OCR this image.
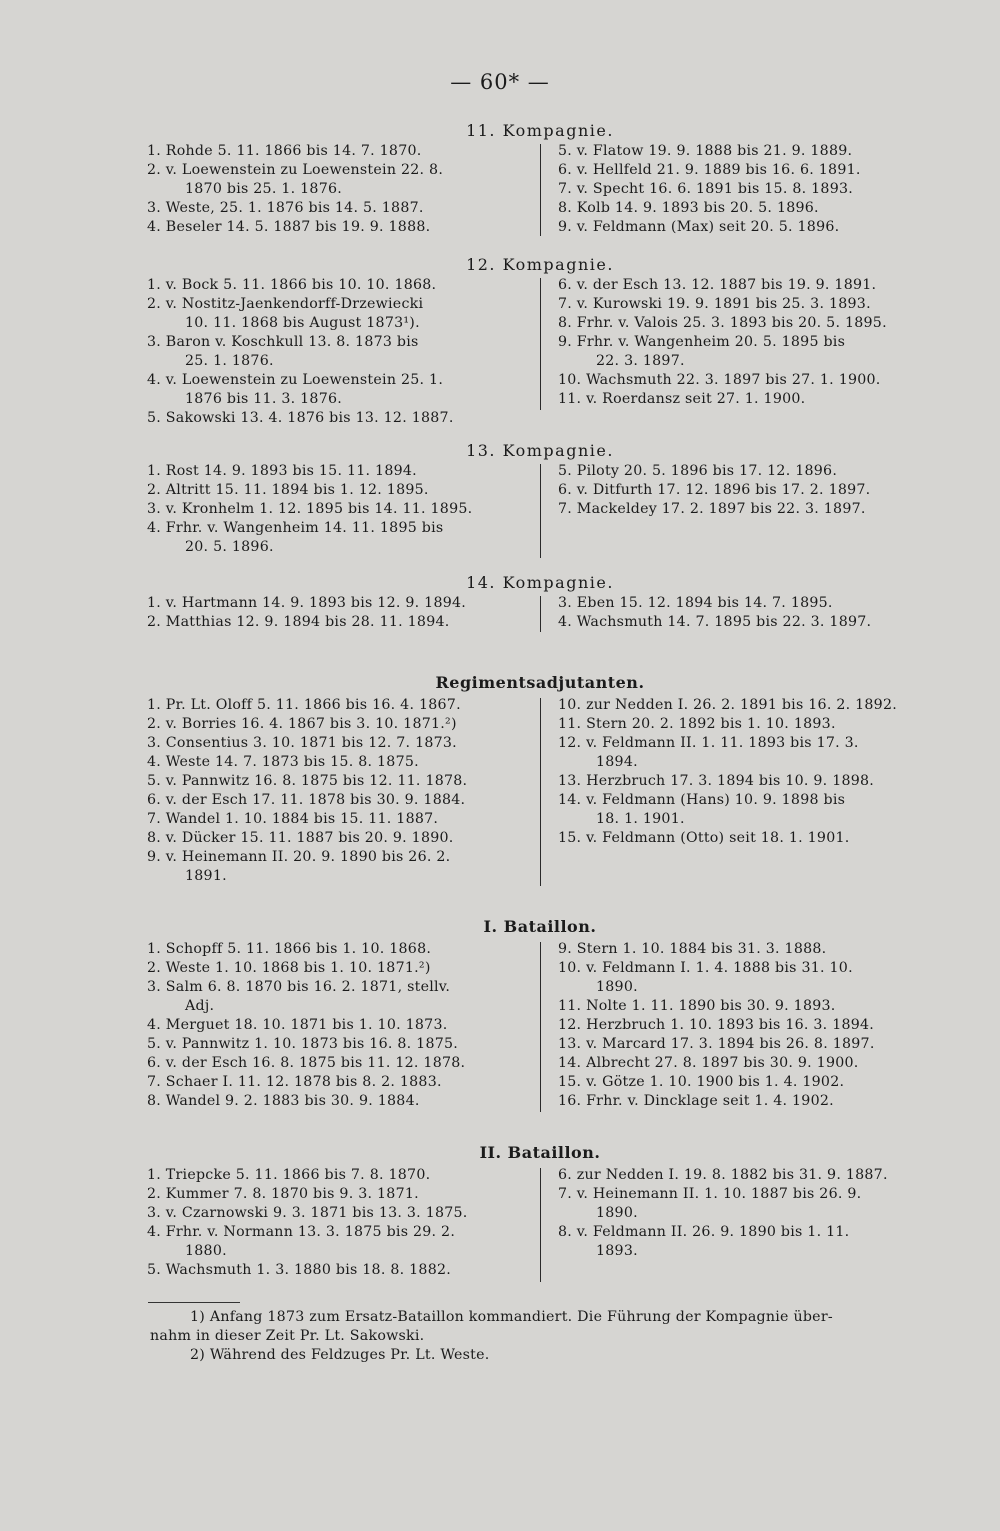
— 60* —
11. Kompagnie.
1. Rohde 5. 11. 1866 bis 14. 7. 1870.
2. v. Loewenstein zu Loewenstein 22. 8.
1870 bis 25. 1. 1876.
3. Weste, 25. 1. 1876 bis 14. 5. 1887.
4. Beseler 14. 5. 1887 bis 19. 9. 1888.
5. v. Flatow 19. 9. 1888 bis 21. 9. 1889.
6. v. Hellfeld 21. 9. 1889 bis 16. 6. 1891.
7. v. Specht 16. 6. 1891 bis 15. 8. 1893.
8. Kolb 14. 9. 1893 bis 20. 5. 1896.
9. v. Feldmann (Max) seit 20. 5. 1896.
12. Kompagnie.
1. v. Bock 5. 11. 1866 bis 10. 10. 1868.
2. v. Nostitz-Jaenkendorff-Drzewiecki
10. 11. 1868 bis August 1873¹).
3. Baron v. Koschkull 13. 8. 1873 bis
25. 1. 1876.
4. v. Loewenstein zu Loewenstein 25. 1.
1876 bis 11. 3. 1876.
5. Sakowski 13. 4. 1876 bis 13. 12. 1887.
6. v. der Esch 13. 12. 1887 bis 19. 9. 1891.
7. v. Kurowski 19. 9. 1891 bis 25. 3. 1893.
8. Frhr. v. Valois 25. 3. 1893 bis 20. 5. 1895.
9. Frhr. v. Wangenheim 20. 5. 1895 bis
22. 3. 1897.
10. Wachsmuth 22. 3. 1897 bis 27. 1. 1900.
11. v. Roerdansz seit 27. 1. 1900.
13. Kompagnie.
1. Rost 14. 9. 1893 bis 15. 11. 1894.
2. Altritt 15. 11. 1894 bis 1. 12. 1895.
3. v. Kronhelm 1. 12. 1895 bis 14. 11. 1895.
4. Frhr. v. Wangenheim 14. 11. 1895 bis
20. 5. 1896.
5. Piloty 20. 5. 1896 bis 17. 12. 1896.
6. v. Ditfurth 17. 12. 1896 bis 17. 2. 1897.
7. Mackeldey 17. 2. 1897 bis 22. 3. 1897.
14. Kompagnie.
1. v. Hartmann 14. 9. 1893 bis 12. 9. 1894.
2. Matthias 12. 9. 1894 bis 28. 11. 1894.
3. Eben 15. 12. 1894 bis 14. 7. 1895.
4. Wachsmuth 14. 7. 1895 bis 22. 3. 1897.
Regimentsadjutanten.
1. Pr. Lt. Oloff 5. 11. 1866 bis 16. 4. 1867.
2. v. Borries 16. 4. 1867 bis 3. 10. 1871.²)
3. Consentius 3. 10. 1871 bis 12. 7. 1873.
4. Weste 14. 7. 1873 bis 15. 8. 1875.
5. v. Pannwitz 16. 8. 1875 bis 12. 11. 1878.
6. v. der Esch 17. 11. 1878 bis 30. 9. 1884.
7. Wandel 1. 10. 1884 bis 15. 11. 1887.
8. v. Dücker 15. 11. 1887 bis 20. 9. 1890.
9. v. Heinemann II. 20. 9. 1890 bis 26. 2.
1891.
10. zur Nedden I. 26. 2. 1891 bis 16. 2. 1892.
11. Stern 20. 2. 1892 bis 1. 10. 1893.
12. v. Feldmann II. 1. 11. 1893 bis 17. 3.
1894.
13. Herzbruch 17. 3. 1894 bis 10. 9. 1898.
14. v. Feldmann (Hans) 10. 9. 1898 bis
18. 1. 1901.
15. v. Feldmann (Otto) seit 18. 1. 1901.
I. Bataillon.
1. Schopff 5. 11. 1866 bis 1. 10. 1868.
2. Weste 1. 10. 1868 bis 1. 10. 1871.²)
3. Salm 6. 8. 1870 bis 16. 2. 1871, stellv.
Adj.
4. Merguet 18. 10. 1871 bis 1. 10. 1873.
5. v. Pannwitz 1. 10. 1873 bis 16. 8. 1875.
6. v. der Esch 16. 8. 1875 bis 11. 12. 1878.
7. Schaer I. 11. 12. 1878 bis 8. 2. 1883.
8. Wandel 9. 2. 1883 bis 30. 9. 1884.
9. Stern 1. 10. 1884 bis 31. 3. 1888.
10. v. Feldmann I. 1. 4. 1888 bis 31. 10.
1890.
11. Nolte 1. 11. 1890 bis 30. 9. 1893.
12. Herzbruch 1. 10. 1893 bis 16. 3. 1894.
13. v. Marcard 17. 3. 1894 bis 26. 8. 1897.
14. Albrecht 27. 8. 1897 bis 30. 9. 1900.
15. v. Götze 1. 10. 1900 bis 1. 4. 1902.
16. Frhr. v. Dincklage seit 1. 4. 1902.
II. Bataillon.
1. Triepcke 5. 11. 1866 bis 7. 8. 1870.
2. Kummer 7. 8. 1870 bis 9. 3. 1871.
3. v. Czarnowski 9. 3. 1871 bis 13. 3. 1875.
4. Frhr. v. Normann 13. 3. 1875 bis 29. 2.
1880.
5. Wachsmuth 1. 3. 1880 bis 18. 8. 1882.
6. zur Nedden I. 19. 8. 1882 bis 31. 9. 1887.
7. v. Heinemann II. 1. 10. 1887 bis 26. 9.
1890.
8. v. Feldmann II. 26. 9. 1890 bis 1. 11.
1893.
1) Anfang 1873 zum Ersatz-Bataillon kommandiert. Die Führung der Kompagnie über-
nahm in dieser Zeit Pr. Lt. Sakowski.
2) Während des Feldzuges Pr. Lt. Weste.
